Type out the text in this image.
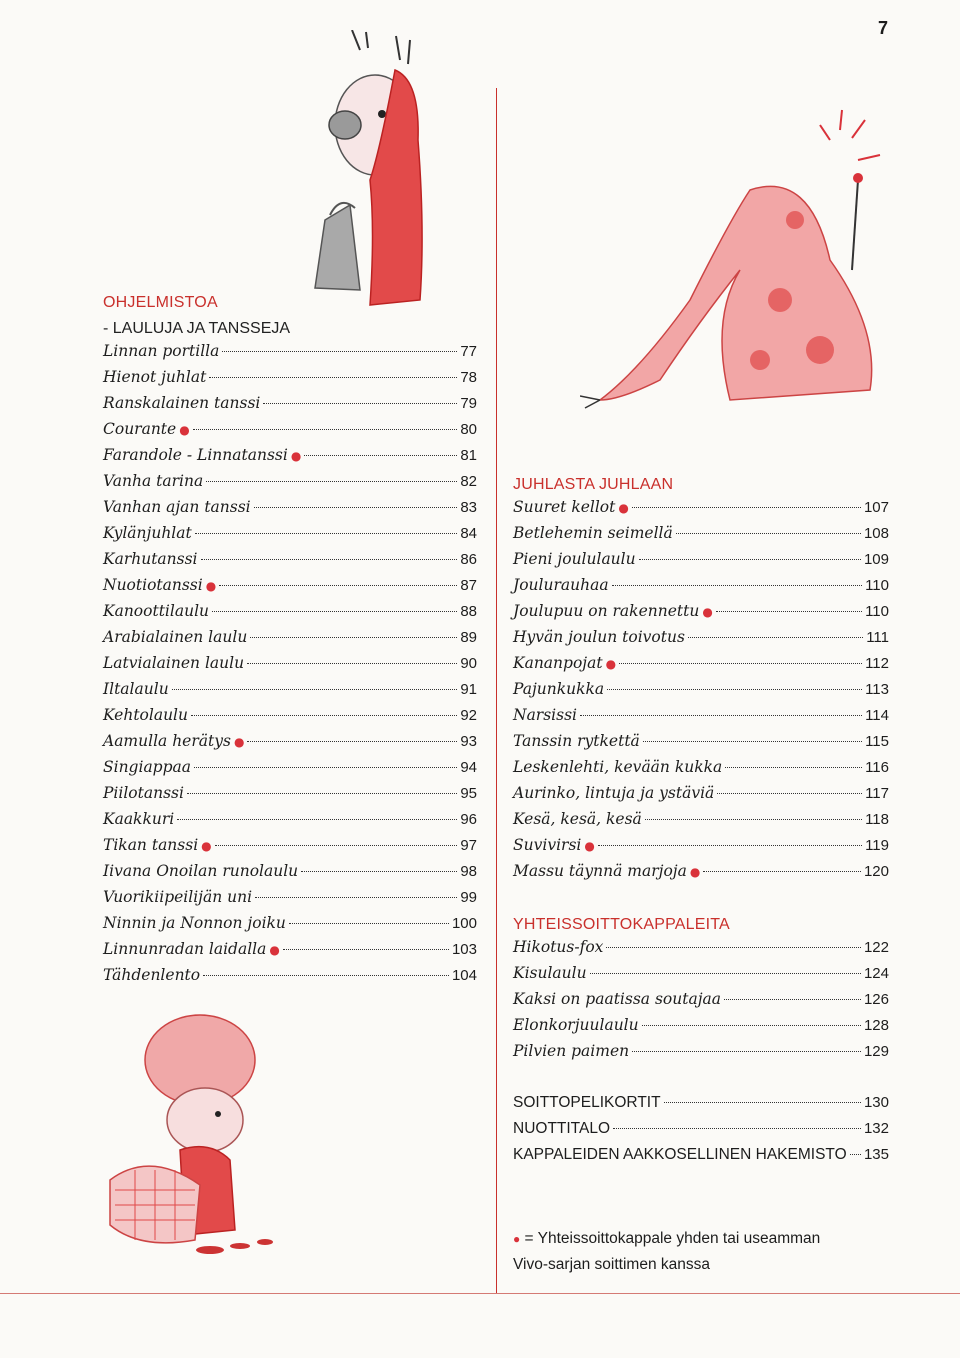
7
OHJELMISTOA
- LAULUJA JA TANSSEJA
Linnan portilla	77
Hienot juhlat	78
Ranskalainen tanssi	79
Courante ●	80
Farandole - Linnatanssi ●	81
Vanha tarina	82
Vanhan ajan tanssi	83
Kylänjuhlat	84
Karhutanssi	86
Nuotiotanssi ●	87
Kanoottilaulu	88
Arabialainen laulu	89
Latvialainen laulu	90
Iltalaulu	91
Kehtolaulu	92
Aamulla herätys ●	93
Singiappaa	94
Piilotanssi	95
Kaakkuri	96
Tikan tanssi ●	97
Iivana Onoilan runolaulu	98
Vuorikiipeilijän uni	99
Ninnin ja Nonnon joiku	100
Linnunradan laidalla ●	103
Tähdenlento	104
JUHLASTA JUHLAAN
Suuret kellot ●	107
Betlehemin seimellä	108
Pieni joululaulu	109
Joulurauhaa	110
Joulupuu on rakennettu ●	110
Hyvän joulun toivotus	111
Kananpojat ●	112
Pajunkukka	113
Narsissi	114
Tanssin rytkettä	115
Leskenlehti, kevään kukka	116
Aurinko, lintuja ja ystäviä	117
Kesä, kesä, kesä	118
Suvivirsi ●	119
Massu täynnä marjoja ●	120
YHTEISSOITTOKAPPALEITA
Hikotus-fox	122
Kisulaulu	124
Kaksi on paatissa soutajaa	126
Elonkorjuulaulu	128
Pilvien paimen	129
SOITTOPELIKORTIT	130
NUOTTITALO	132
KAPPALEIDEN AAKKOSELLINEN HAKEMISTO 135
● = Yhteissoittokappale yhden tai useamman
Vivo-sarjan soittimen kanssa
